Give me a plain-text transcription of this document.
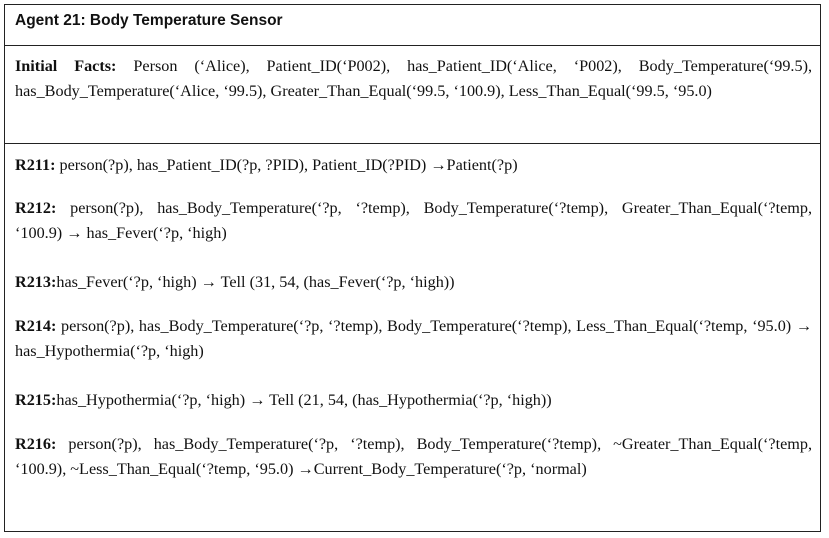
Agent 21: Body Temperature Sensor
Initial Facts: Person (‘Alice), Patient_ID(‘P002), has_Patient_ID(‘Alice, ‘P002), Body_Temperature(‘99.5), has_Body_Temperature(‘Alice, ‘99.5), Greater_Than_Equal(‘99.5, ‘100.9), Less_Than_Equal(‘99.5, ‘95.0)
R211: person(?p), has_Patient_ID(?p, ?PID), Patient_ID(?PID) →Patient(?p)
R212: person(?p), has_Body_Temperature(‘?p, ‘?temp), Body_Temperature(‘?temp), Greater_Than_Equal(‘?temp, ‘100.9) → has_Fever(‘?p, ‘high)
R213:has_Fever(‘?p, ‘high) → Tell (31, 54, (has_Fever(‘?p, ‘high))
R214: person(?p), has_Body_Temperature(‘?p, ‘?temp), Body_Temperature(‘?temp), Less_Than_Equal(‘?temp, ‘95.0) → has_Hypothermia(‘?p, ‘high)
R215:has_Hypothermia(‘?p, ‘high) → Tell (21, 54, (has_Hypothermia(‘?p, ‘high))
R216: person(?p), has_Body_Temperature(‘?p, ‘?temp), Body_Temperature(‘?temp), ~Greater_Than_Equal(‘?temp, ‘100.9), ~Less_Than_Equal(‘?temp, ‘95.0) →Current_Body_Temperature(‘?p, ‘normal)
